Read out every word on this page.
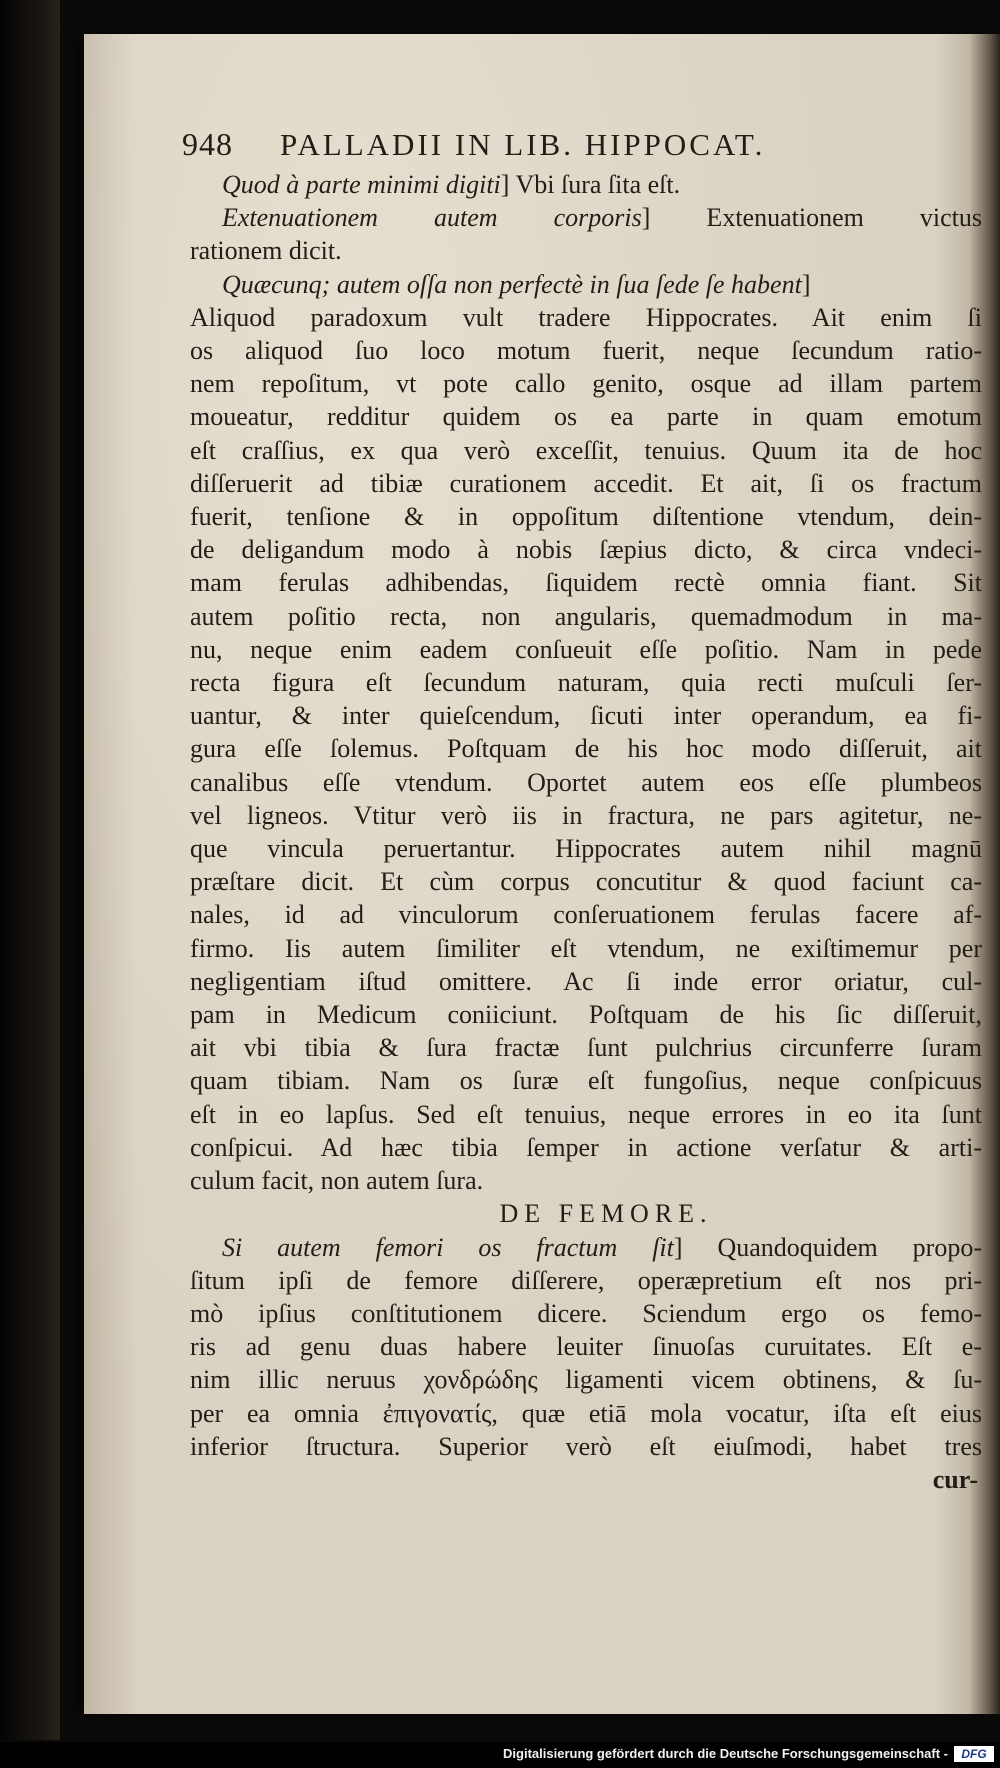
948 PALLADII IN LIB. HIPPOCAT.
Quod à parte minimi digiti] Vbi ſura ſita eſt.
Extenuationem autem corporis] Extenuationem victus
rationem dicit.
Quæcunq; autem oſſa non perfectè in ſua ſede ſe habent]
Aliquod paradoxum vult tradere Hippocrates. Ait enim ſi
os aliquod ſuo loco motum fuerit, neque ſecundum ratio-
nem repoſitum, vt pote callo genito, osque ad illam partem
moueatur, redditur quidem os ea parte in quam emotum
eſt craſſius, ex qua verò exceſſit, tenuius. Quum ita de hoc
diſſeruerit ad tibiæ curationem accedit. Et ait, ſi os fractum
fuerit, tenſione & in oppoſitum diſtentione vtendum, dein-
de deligandum modo à nobis ſæpius dicto, & circa vndeci-
mam ferulas adhibendas, ſiquidem rectè omnia fiant. Sit
autem poſitio recta, non angularis, quemadmodum in ma-
nu, neque enim eadem conſueuit eſſe poſitio. Nam in pede
recta figura eſt ſecundum naturam, quia recti muſculi ſer-
uantur, & inter quieſcendum, ſicuti inter operandum, ea fi-
gura eſſe ſolemus. Poſtquam de his hoc modo diſſeruit, ait
canalibus eſſe vtendum. Oportet autem eos eſſe plumbeos
vel ligneos. Vtitur verò iis in fractura, ne pars agitetur, ne-
que vincula peruertantur. Hippocrates autem nihil magnū
præſtare dicit. Et cùm corpus concutitur & quod faciunt ca-
nales, id ad vinculorum conſeruationem ferulas facere af-
firmo. Iis autem ſimiliter eſt vtendum, ne exiſtimemur per
negligentiam iſtud omittere. Ac ſi inde error oriatur, cul-
pam in Medicum coniiciunt. Poſtquam de his ſic diſſeruit,
ait vbi tibia & ſura fractæ ſunt pulchrius circunferre ſuram
quam tibiam. Nam os ſuræ eſt fungoſius, neque conſpicuus
eſt in eo lapſus. Sed eſt tenuius, neque errores in eo ita ſunt
conſpicui. Ad hæc tibia ſemper in actione verſatur & arti-
culum facit, non autem ſura.
DE FEMORE.
Si autem femori os fractum ſit] Quandoquidem propo-
ſitum ipſi de femore diſſerere, operæpretium eſt nos pri-
mò ipſius conſtitutionem dicere. Sciendum ergo os femo-
ris ad genu duas habere leuiter ſinuoſas curuitates. Eſt e-
nim illic neruus χονδρώδης ligamenti vicem obtinens, & ſu-
per ea omnia ἐπιγονατίς, quæ etiā mola vocatur, iſta eſt eius
inferior ſtructura. Superior verò eſt eiuſmodi, habet tres
cur-
Digitalisierung gefördert durch die Deutsche Forschungsgemeinschaft -	DFG
